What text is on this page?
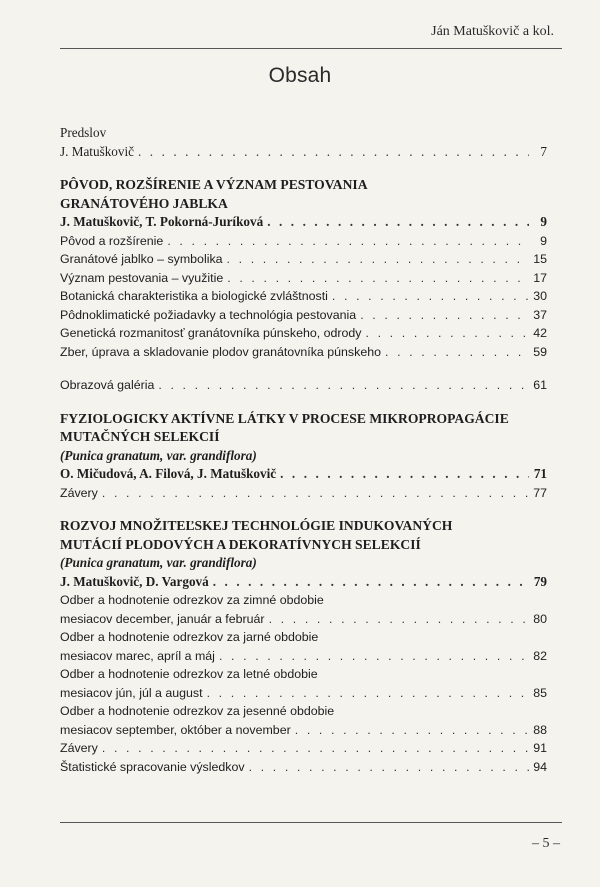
Ján Matuškovič a kol.
Obsah
Predslov
J. Matuškovič . . .	7
PÔVOD, ROZŠÍRENIE A VÝZNAM PESTOVANIA
GRANÁTOVÉHO JABLKA
J. Matuškovič, T. Pokorná-Juríková . . .	9
Pôvod a rozšírenie . . .	9
Granátové jablko – symbolika . . .	15
Význam pestovania – využitie . . .	17
Botanická charakteristika a biologické zvláštnosti . . .	30
Pôdnoklimatické požiadavky a technológia pestovania . . .	37
Genetická rozmanitosť granátovníka púnskeho, odrody . . .	42
Zber, úprava a skladovanie plodov granátovníka púnskeho . . .	59
Obrazová galéria . . .	61
FYZIOLOGICKY AKTÍVNE LÁTKY V PROCESE MIKROPROPAGÁCIE
MUTAČNÝCH SELEKCIÍ
(Punica granatum, var. grandiflora)
O. Mičudová, A. Filová, J. Matuškovič . . .	71
Závery . . .	77
ROZVOJ MNOŽITEĽSKEJ TECHNOLÓGIE INDUKOVANÝCH
MUTÁCIÍ PLODOVÝCH A DEKORATÍVNYCH SELEKCIÍ
(Punica granatum, var. grandiflora)
J. Matuškovič, D. Vargová . . .	79
Odber a hodnotenie odrezkov za zimné obdobie
mesiacov december, január a február . . .	80
Odber a hodnotenie odrezkov za jarné obdobie
mesiacov marec, apríl a máj . . .	82
Odber a hodnotenie odrezkov za letné obdobie
mesiacov jún, júl a august . . .	85
Odber a hodnotenie odrezkov za jesenné obdobie
mesiacov september, október a november . . .	88
Závery . . .	91
Štatistické spracovanie výsledkov . . .	94
– 5 –
